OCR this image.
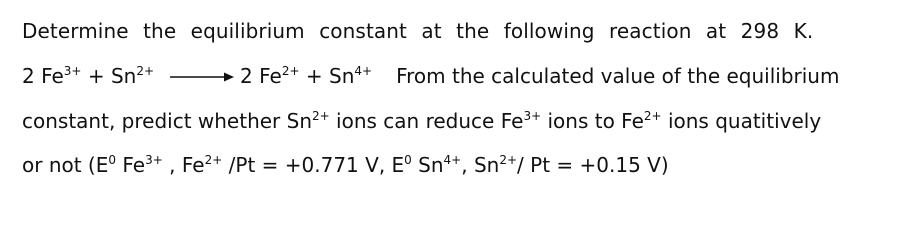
Determine the equilibrium constant at the following reaction at 298 K.
2 $Fe^{3+} + Sn^{2+}$	2 $Fe^{2+} + Sn^{4+}$ From the calculated value of the equilibrium
constant, predict whether $Sn^{2+}$ ions can reduce $Fe^{3+}$ ions to $Fe^{2+}$ ions quatitively
or not ($E^0$ $Fe^{3+}$ , $Fe^{2+}$ /Pt = +0.771 V, $E^0$ $Sn^{4+}$, $Sn^{2+}/$ Pt = +0.15 V)
